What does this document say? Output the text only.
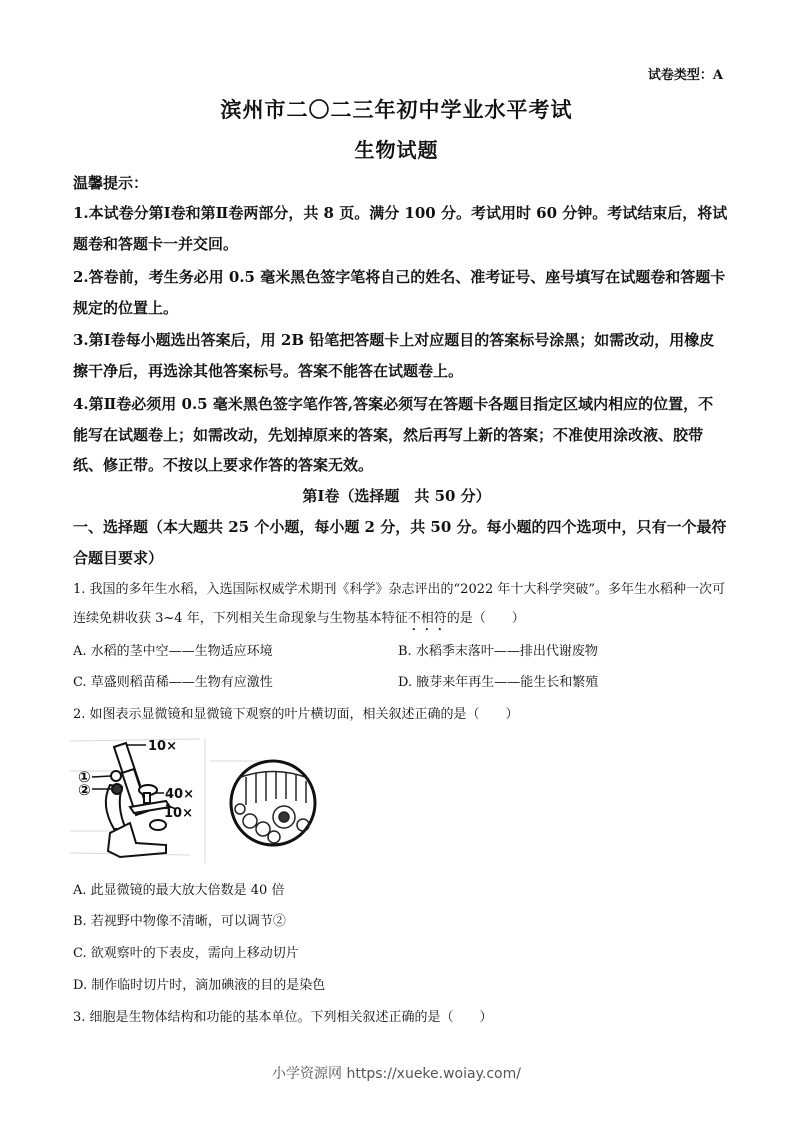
试卷类型：A
滨州市二〇二三年初中学业水平考试
生物试题
温馨提示：
1.本试卷分第Ⅰ卷和第Ⅱ卷两部分，共 8 页。满分 100 分。考试用时 60 分钟。考试结束后，将试题卷和答题卡一并交回。
2.答卷前，考生务必用 0.5 毫米黑色签字笔将自己的姓名、准考证号、座号填写在试题卷和答题卡规定的位置上。
3.第Ⅰ卷每小题选出答案后，用 2B 铅笔把答题卡上对应题目的答案标号涂黑；如需改动，用橡皮擦干净后，再选涂其他答案标号。答案不能答在试题卷上。
4.第Ⅱ卷必须用 0.5 毫米黑色签字笔作答,答案必须写在答题卡各题目指定区域内相应的位置，不能写在试题卷上；如需改动，先划掉原来的答案，然后再写上新的答案；不准使用涂改液、胶带纸、修正带。不按以上要求作答的答案无效。
第Ⅰ卷（选择题　共 50 分）
一、选择题（本大题共 25 个小题，每小题 2 分，共 50 分。每小题的四个选项中，只有一个最符合题目要求）
1. 我国的多年生水稻，入选国际权威学术期刊《科学》杂志评出的“2022 年十大科学突破”。多年生水稻种一次可连续免耕收获 3~4 年，下列相关生命现象与生物基本特征不相符的是（　　）
A. 水稻的茎中空——生物适应环境	B. 水稻季末落叶——排出代谢废物
C. 草盛则稻苗稀——生物有应激性	D. 腋芽来年再生——能生长和繁殖
2. 如图表示显微镜和显微镜下观察的叶片横切面，相关叙述正确的是（　　）
10×
40×
10×
①
②
A. 此显微镜的最大放大倍数是 40 倍
B. 若视野中物像不清晰，可以调节②
C. 欲观察叶的下表皮，需向上移动切片
D. 制作临时切片时，滴加碘液的目的是染色
3. 细胞是生物体结构和功能的基本单位。下列相关叙述正确的是（　　）
小学资源网 https://xueke.woiay.com/
